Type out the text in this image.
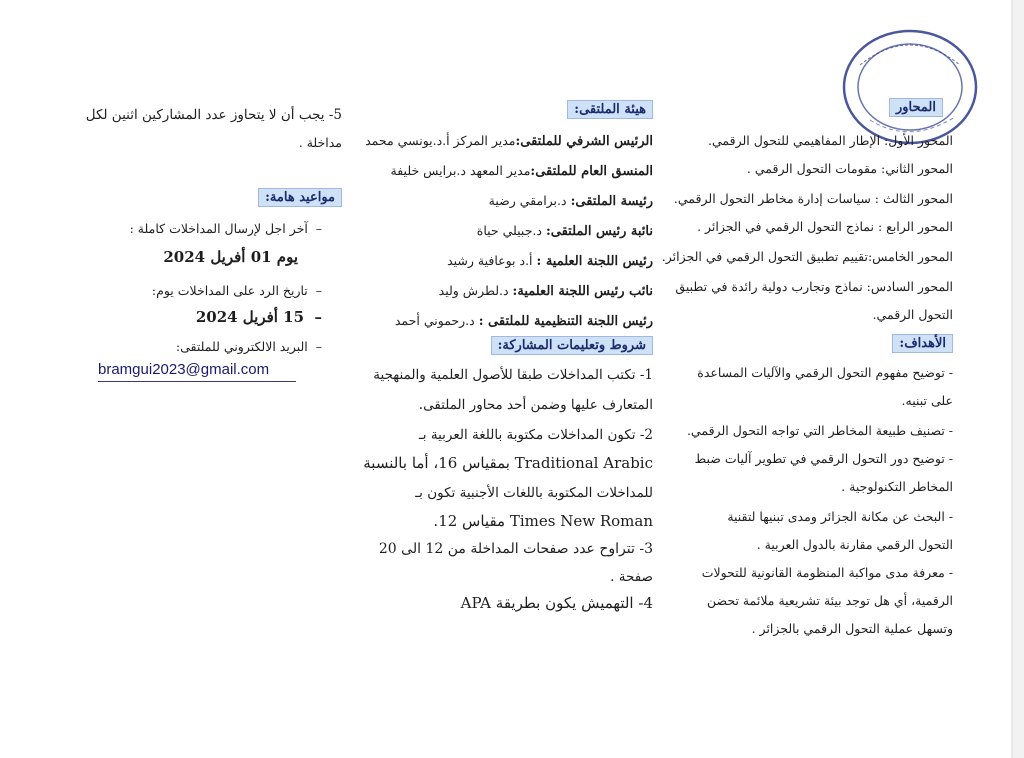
المحاور
المحور الأول: الإطار المفاهيمي للتحول الرقمي.
المحور الثاني: مقومات التحول الرقمي .
المحور الثالث : سياسات إدارة مخاطر التحول الرقمي.
المحور الرابع : نماذج التحول الرقمي في الجزائر .
المحور الخامس:تقييم تطبيق التحول الرقمي في الجزائر.
المحور السادس: نماذج وتجارب دولية رائدة في تطبيق
التحول الرقمي.
الأهداف:
- توضيح مفهوم التحول الرقمي والآليات المساعدة
على تبنيه.
- تصنيف طبيعة المخاطر التي تواجه التحول الرقمي.
- توضيح دور التحول الرقمي في تطوير آليات ضبط
المخاطر التكنولوجية .
- البحث عن مكانة الجزائر ومدى تبنيها لتقنية
التحول الرقمي مقارنة بالدول العربية .
- معرفة مدى مواكبة المنظومة القانونية للتحولات
الرقمية، أي هل توجد بيئة تشريعية ملائمة تحضن
وتسهل عملية التحول الرقمي بالجزائر .
هيئة الملتقى:
الرئيس الشرفي للملتقى:مدير المركز أ.د.يونسي محمد
المنسق العام للملتقى:مدير المعهد د.برايس خليفة
رئيسة الملتقى: د.برامقي رضية
نائبة رئيس الملتقى: د.جبيلي حياة
رئيس اللجنة العلمية : أ.د بوعافية رشيد
نائب رئيس اللجنة العلمية: د.لطرش وليد
رئيس اللجنة التنظيمية للملتقى : د.رحموني أحمد
شروط وتعليمات المشاركة:
1- تكتب المداخلات طبقا للأصول العلمية والمنهجية
المتعارف عليها وضمن أحد محاور الملتقى.
2- تكون المداخلات مكتوبة باللغة العربية بـ
Traditional Arabic بمقياس 16، أما بالنسبة
للمداخلات المكتوبة باللغات الأجنبية تكون بـ
Times New Roman مقياس 12.
3- تتراوح عدد صفحات المداخلة من 12 الى 20
صفحة .
4- التهميش يكون بطريقة APA
5- يجب أن لا يتحاوز عدد المشاركين اثنين لكل
مداخلة .
مواعيد هامة:
–  آخر اجل لإرسال المداخلات كاملة :
يوم 01 أفريل 2024
–  تاريخ الرد على المداخلات يوم:
–  15 أفريل 2024
–  البريد الالكتروني للملتقى:
bramgui2023@gmail.com
